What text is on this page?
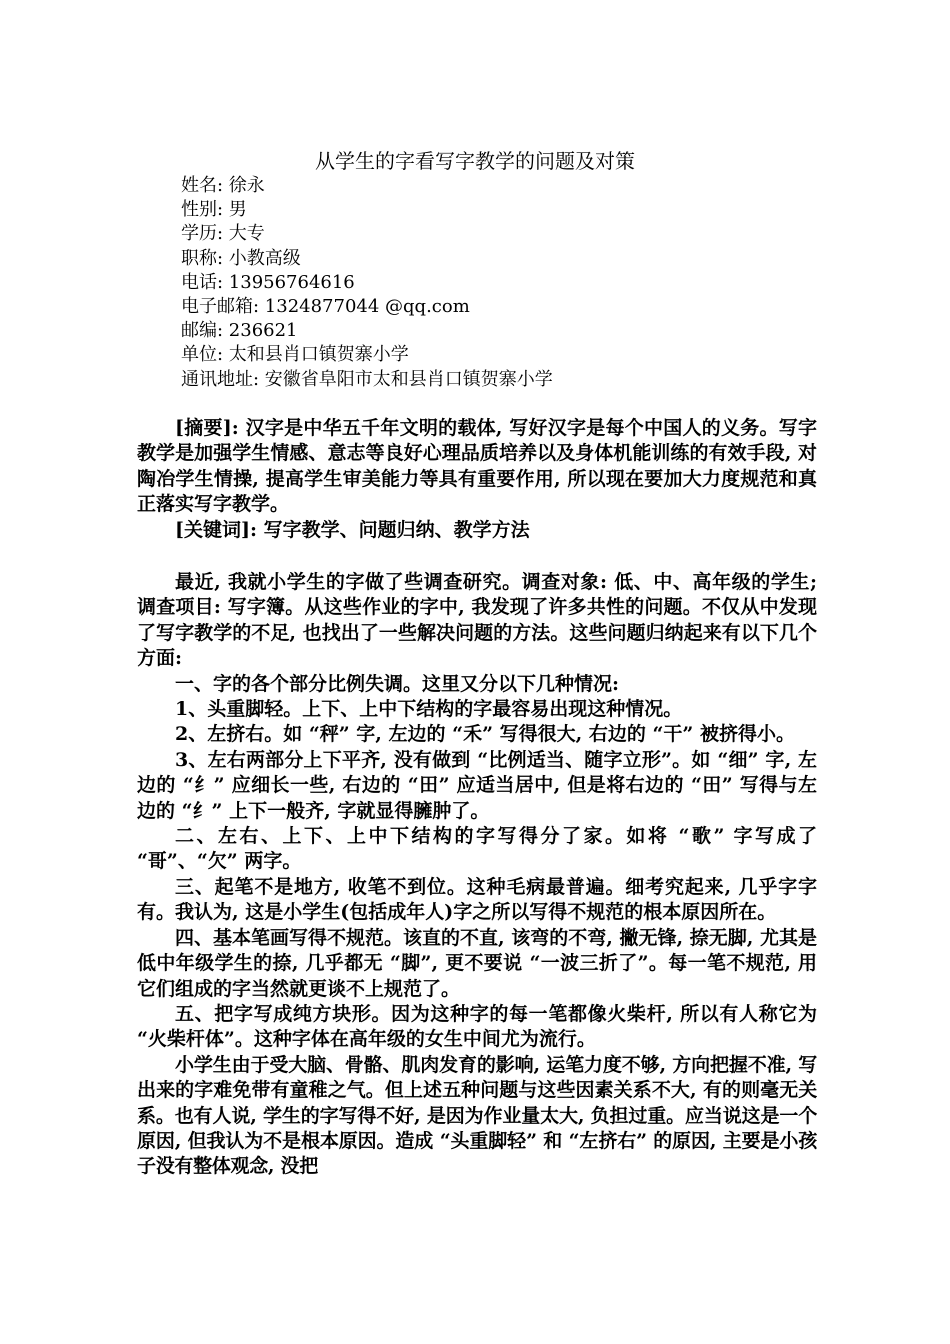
从学生的字看写字教学的问题及对策
姓名: 徐永
性别: 男
学历: 大专
职称: 小教高级
电话: 13956764616
电子邮箱: 1324877044 @qq.com
邮编: 236621
单位: 太和县肖口镇贺寨小学
通讯地址: 安徽省阜阳市太和县肖口镇贺寨小学

[摘要]: 汉字是中华五千年文明的载体, 写好汉字是每个中国人的义务。写字教学是加强学生情感、意志等良好心理品质培养以及身体机能训练的有效手段, 对陶冶学生情操, 提高学生审美能力等具有重要作用, 所以现在要加大力度规范和真正落实写字教学。

[关键词]: 写字教学、问题归纳、教学方法

最近, 我就小学生的字做了些调查研究。调查对象: 低、中、高年级的学生; 调查项目: 写字簿。从这些作业的字中, 我发现了许多共性的问题。不仅从中发现了写字教学的不足, 也找出了一些解决问题的方法。这些问题归纳起来有以下几个方面:

一、字的各个部分比例失调。这里又分以下几种情况:

1、头重脚轻。上下、上中下结构的字最容易出现这种情况。

2、左挤右。如 “秤” 字, 左边的 “禾” 写得很大, 右边的 “干” 被挤得小。

3、左右两部分上下平齐, 没有做到 “比例适当、随字立形”。如 “细” 字, 左边的 “纟” 应细长一些, 右边的 “田” 应适当居中, 但是将右边的 “田” 写得与左边的 “纟” 上下一般齐, 字就显得臃肿了。

二、左右、上下、上中下结构的字写得分了家。如将 “歌” 字写成了 “哥”、“欠” 两字。

三、起笔不是地方, 收笔不到位。这种毛病最普遍。细考究起来, 几乎字字有。我认为, 这是小学生(包括成年人)字之所以写得不规范的根本原因所在。

四、基本笔画写得不规范。该直的不直, 该弯的不弯, 撇无锋, 捺无脚, 尤其是低中年级学生的捺, 几乎都无 “脚”, 更不要说 “一波三折了”。每一笔不规范, 用它们组成的字当然就更谈不上规范了。

五、把字写成纯方块形。因为这种字的每一笔都像火柴杆, 所以有人称它为 “火柴杆体”。这种字体在高年级的女生中间尤为流行。

小学生由于受大脑、骨骼、肌肉发育的影响, 运笔力度不够, 方向把握不准, 写出来的字难免带有童稚之气。但上述五种问题与这些因素关系不大, 有的则毫无关系。也有人说, 学生的字写得不好, 是因为作业量太大, 负担过重。应当说这是一个原因, 但我认为不是根本原因。造成 “头重脚轻” 和 “左挤右” 的原因, 主要是小孩子没有整体观念, 没把
